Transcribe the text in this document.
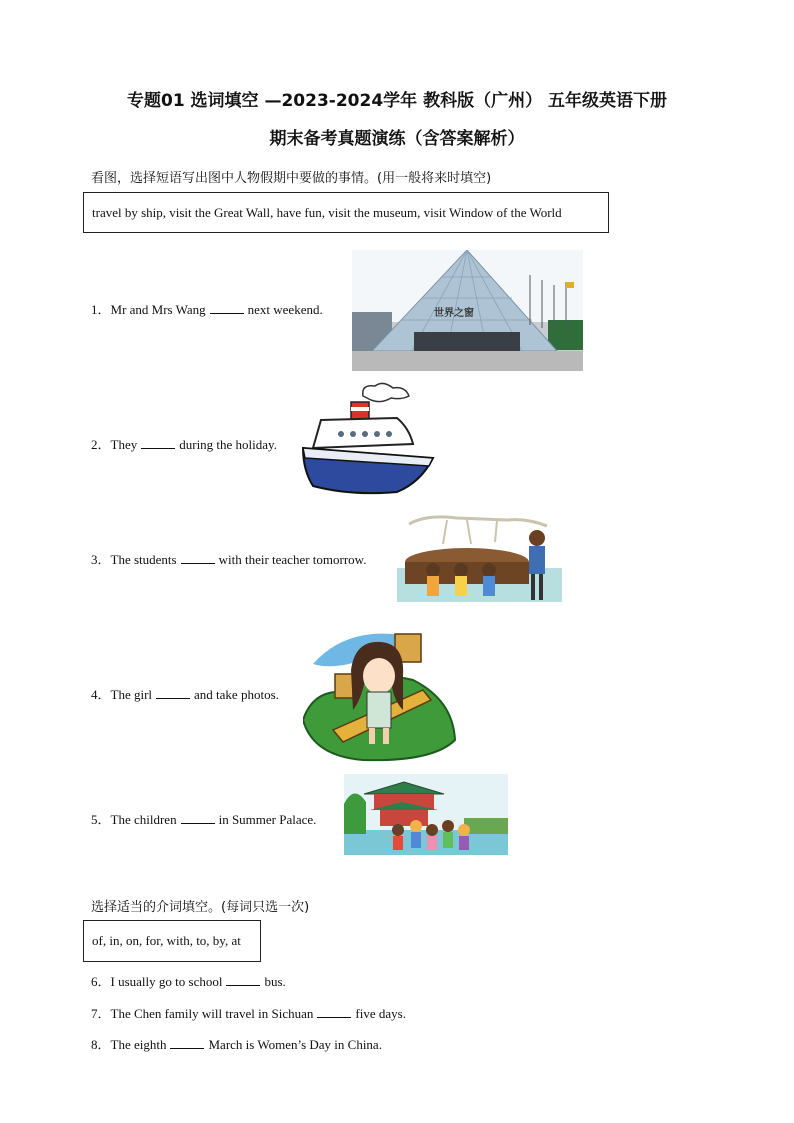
专题01 选词填空 —2023-2024学年 教科版（广州） 五年级英语下册
期末备考真题演练（含答案解析）
看图，选择短语写出图中人物假期中要做的事情。(用一般将来时填空)
travel by ship, visit the Great Wall, have fun, visit the museum, visit Window of the World
1．Mr and Mrs Wang	next weekend.	世界之窗
2．They	during the holiday.
3．The students	with their teacher tomorrow.
4．The girl	and take photos.
5．The children	in Summer Palace.
选择适当的介词填空。(每词只选一次)
of, in, on, for, with, to, by, at
6．I usually go to school	bus.
7．The Chen family will travel in Sichuan	five days.
8．The eighth	March is Women’s Day in China.
